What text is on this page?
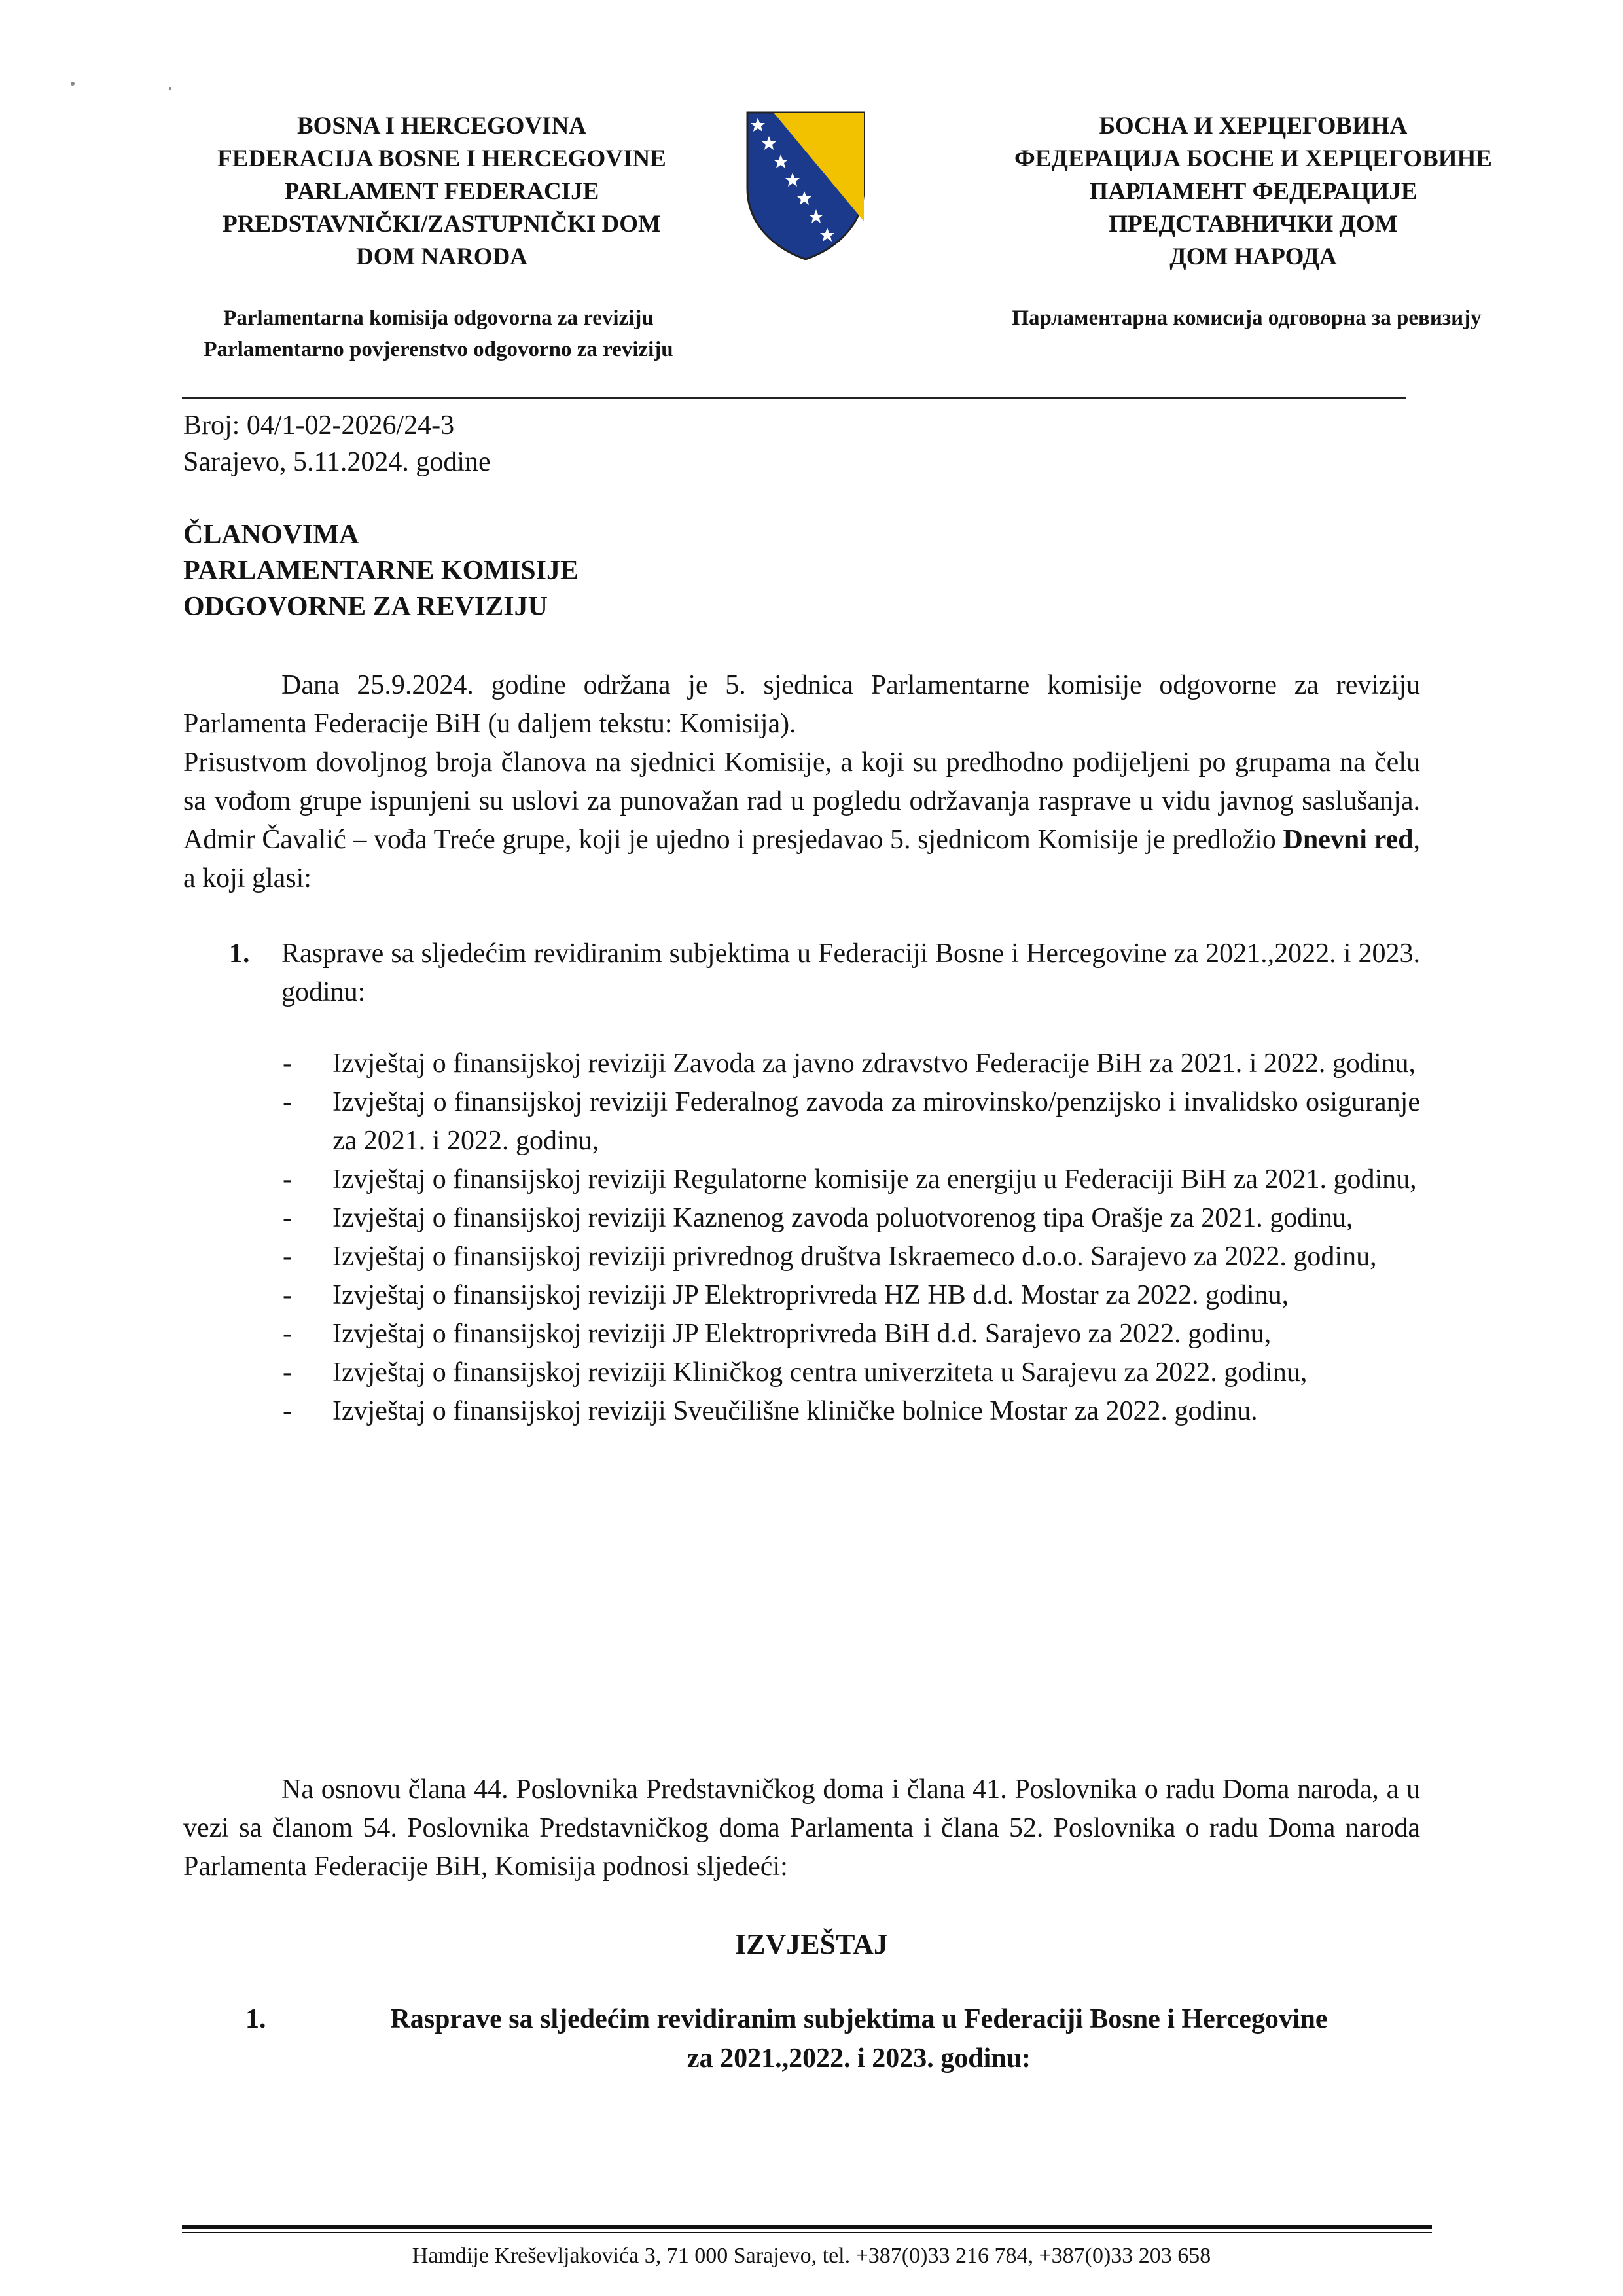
BOSNA I HERCEGOVINA
FEDERACIJA BOSNE I HERCEGOVINE
PARLAMENT FEDERACIJE
PREDSTAVNIČKI/ZASTUPNIČKI DOM
DOM NARODA
БОСНА И ХЕРЦЕГОВИНА
ФЕДЕРАЦИЈА БОСНЕ И ХЕРЦЕГОВИНЕ
ПАРЛАМЕНТ ФЕДЕРАЦИЈЕ
ПРЕДСТАВНИЧКИ ДОМ
ДОМ НАРОДА
Parlamentarna komisija odgovorna za reviziju
Parlamentarno povjerenstvo odgovorno za reviziju
Парламентарна комисија одговорна за ревизију
Broj: 04/1-02-2026/24-3
Sarajevo, 5.11.2024. godine
ČLANOVIMA
PARLAMENTARNE KOMISIJE
ODGOVORNE ZA REVIZIJU

Dana 25.9.2024. godine održana je 5. sjednica Parlamentarne komisije odgovorne za reviziju Parlamenta Federacije BiH (u daljem tekstu: Komisija).

Prisustvom dovoljnog broja članova na sjednici Komisije, a koji su predhodno podijeljeni po grupama na čelu sa vođom grupe ispunjeni su uslovi za punovažan rad u pogledu održavanja rasprave u vidu javnog saslušanja. Admir Čavalić – vođa Treće grupe, koji je ujedno i presjedavao 5. sjednicom Komisije je predložio Dnevni red, a koji glasi:

1. Rasprave sa sljedećim revidiranim subjektima u Federaciji Bosne i Hercegovine za 2021.,2022. i 2023. godinu:
- Izvještaj o finansijskoj reviziji Zavoda za javno zdravstvo Federacije BiH za 2021. i 2022. godinu,
- Izvještaj o finansijskoj reviziji Federalnog zavoda za mirovinsko/penzijsko i invalidsko osiguranje za 2021. i 2022. godinu,
- Izvještaj o finansijskoj reviziji Regulatorne komisije za energiju u Federaciji BiH za 2021. godinu,
- Izvještaj o finansijskoj reviziji Kaznenog zavoda poluotvorenog tipa Orašje za 2021. godinu,
- Izvještaj o finansijskoj reviziji privrednog društva Iskraemeco d.o.o. Sarajevo za 2022. godinu,
- Izvještaj o finansijskoj reviziji JP Elektroprivreda HZ HB d.d. Mostar za 2022. godinu,
- Izvještaj o finansijskoj reviziji JP Elektroprivreda BiH d.d. Sarajevo za 2022. godinu,
- Izvještaj o finansijskoj reviziji Kliničkog centra univerziteta u Sarajevu za 2022. godinu,
- Izvještaj o finansijskoj reviziji Sveučilišne kliničke bolnice Mostar za 2022. godinu.

Na osnovu člana 44. Poslovnika Predstavničkog doma i člana 41. Poslovnika o radu Doma naroda, a u vezi sa članom 54. Poslovnika Predstavničkog doma Parlamenta i člana 52. Poslovnika o radu Doma naroda Parlamenta Federacije BiH, Komisija podnosi sljedeći:

IZVJEŠTAJ
1.	Rasprave sa sljedećim revidiranim subjektima u Federaciji Bosne i Hercegovine
za 2021.,2022. i 2023. godinu:
Hamdije Kreševljakovića 3, 71 000 Sarajevo, tel. +387(0)33 216 784, +387(0)33 203 658
